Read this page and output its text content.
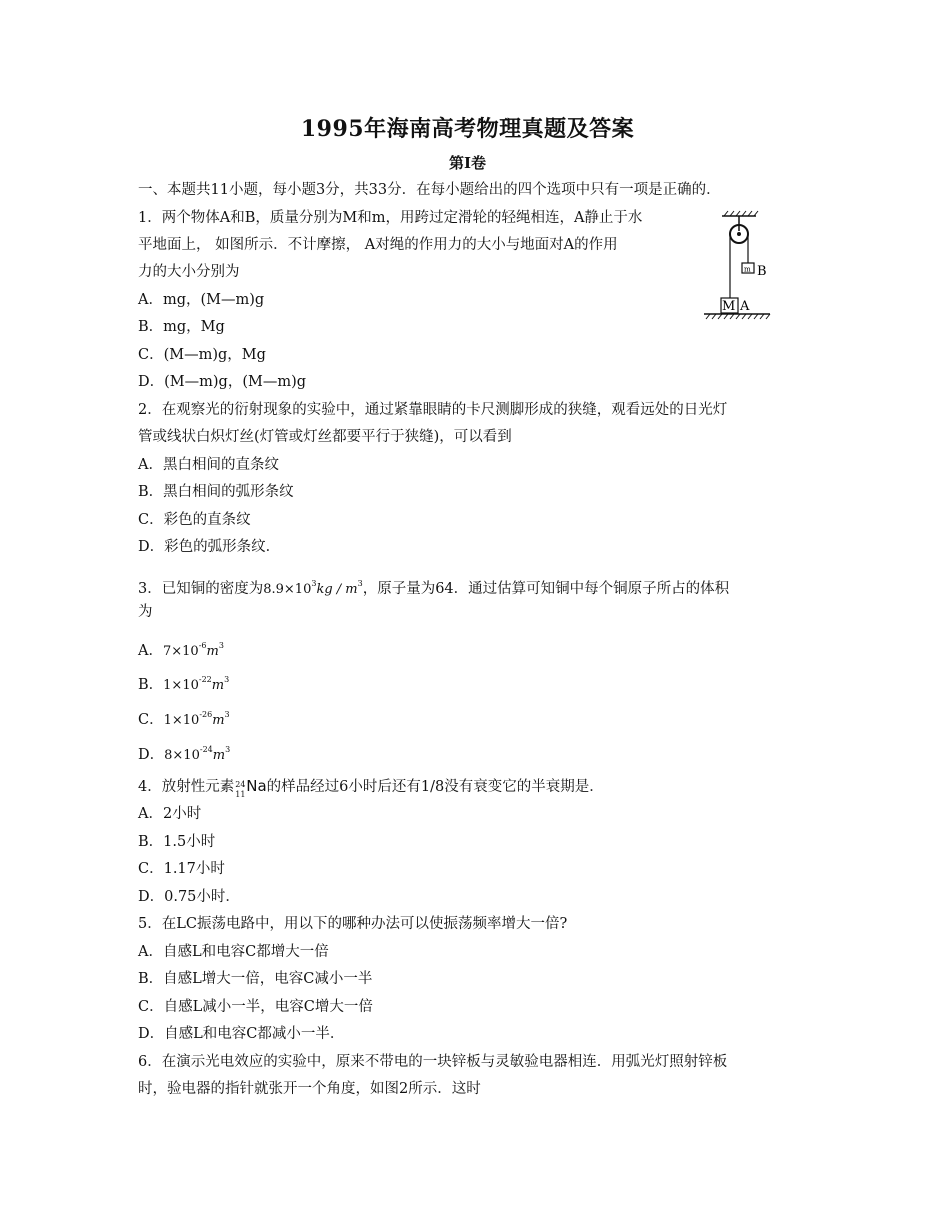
1995年海南高考物理真题及答案
第Ⅰ卷
一、本题共11小题，每小题3分，共33分．在每小题给出的四个选项中只有一项是正确的．
1．两个物体A和B，质量分别为M和m，用跨过定滑轮的轻绳相连，A静止于水
平地面上， 如图所示．不计摩擦， A对绳的作用力的大小与地面对A的作用
力的大小分别为
A．mg，(M—m)g
B．mg，Mg
C．(M—m)g，Mg
D．(M—m)g，(M—m)g
m B
M A
2．在观察光的衍射现象的实验中，通过紧靠眼睛的卡尺测脚形成的狭缝，观看远处的日光灯
管或线状白炽灯丝(灯管或灯丝都要平行于狭缝)，可以看到
A．黑白相间的直条纹
B．黑白相间的弧形条纹
C．彩色的直条纹
D．彩色的弧形条纹．
3．已知铜的密度为$8.9\times 10^3kg / m^3$，原子量为64．通过估算可知铜中每个铜原子所占的体积
为
A．$7\times 10^{-6}m^3$
B．$1\times 10^{-22}m^3$
C．$1\times 10^{-26}m^3$
D．$8\times 10^{-24}m^3$
4．放射性元素 24
11 Na的样品经过6小时后还有1/8没有衰变它的半衰期是．
A．2小时
B．1.5小时
C．1.17小时
D．0.75小时．
5．在LC振荡电路中，用以下的哪种办法可以使振荡频率增大一倍?
A．自感L和电容C都增大一倍
B．自感L增大一倍，电容C减小一半
C．自感L减小一半，电容C增大一倍
D．自感L和电容C都减小一半．
6．在演示光电效应的实验中，原来不带电的一块锌板与灵敏验电器相连．用弧光灯照射锌板
时，验电器的指针就张开一个角度，如图2所示．这时
